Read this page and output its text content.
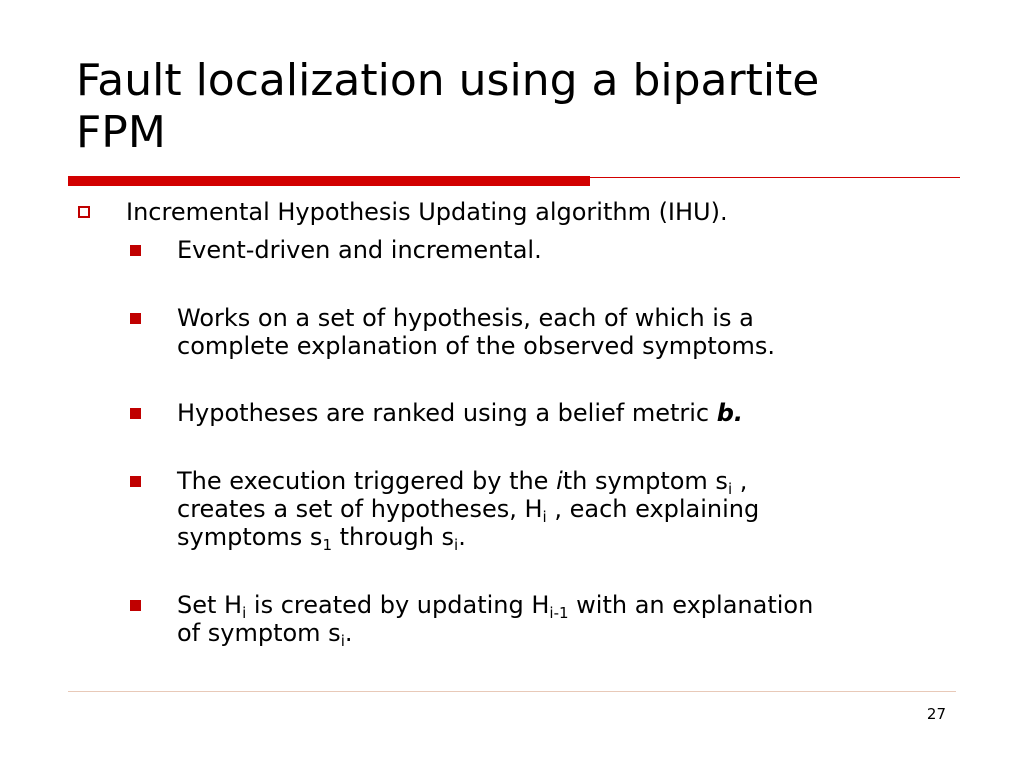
Fault localization using a bipartite
FPM
Incremental Hypothesis Updating algorithm (IHU).
Event-driven and incremental.
Works on a set of hypothesis, each of which is a
complete explanation of the observed symptoms.
Hypotheses are ranked using a belief metric b.
The execution triggered by the ith symptom $s_i$ ,
creates a set of hypotheses, $H_i$ , each explaining
symptoms $s_1$ through $s_i$.
Set $H_i$ is created by updating $H_{i-1}$ with an explanation
of symptom $s_i$.
27
